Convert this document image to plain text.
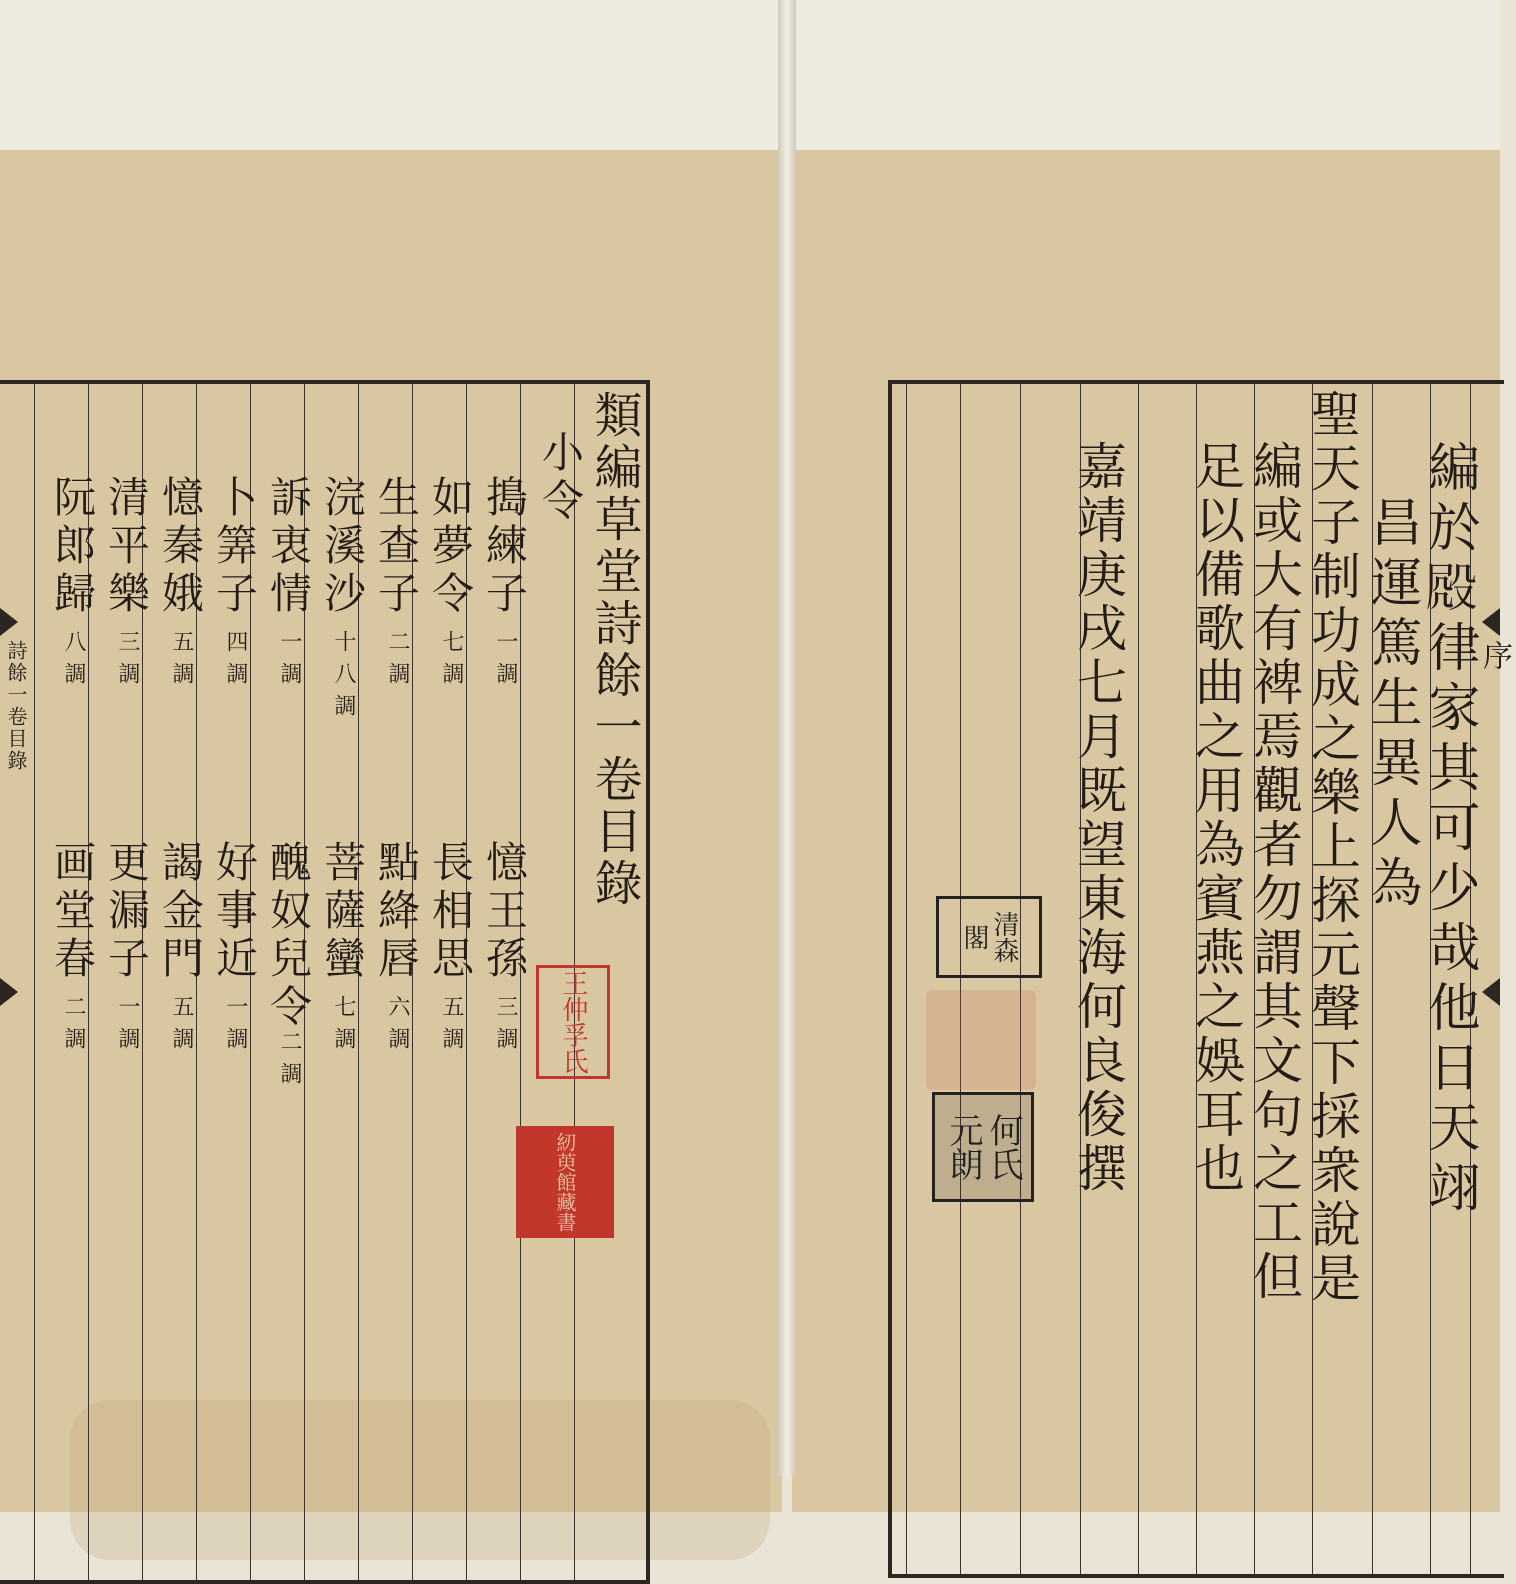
類編草堂詩餘一卷目錄
小令
搗練子
一調
如夢令
七調
生查子
二調
浣溪沙
十八調
訴衷情
一調
卜筭子
四調
憶秦娥
五調
清平樂
三調
阮郎歸
八調
憶王孫
三調
長相思
五調
點絳唇
六調
菩薩蠻
七調
醜奴兒令
二調
好事近
一調
謁金門
五調
更漏子
一調
画堂春
二調
詩餘一卷目錄
王仲孚氏
紉萸館藏書	編於𣪍律家其可少哉他日天翊
昌運篤生異人為
聖天子制功成之樂上探元聲下採衆說是
編或大有裨焉觀者勿謂其文句之工但
足以備歌曲之用為賓燕之娛耳也
嘉靖庚戌七月既望東海何良俊撰	序
清森閣
何氏元朗
